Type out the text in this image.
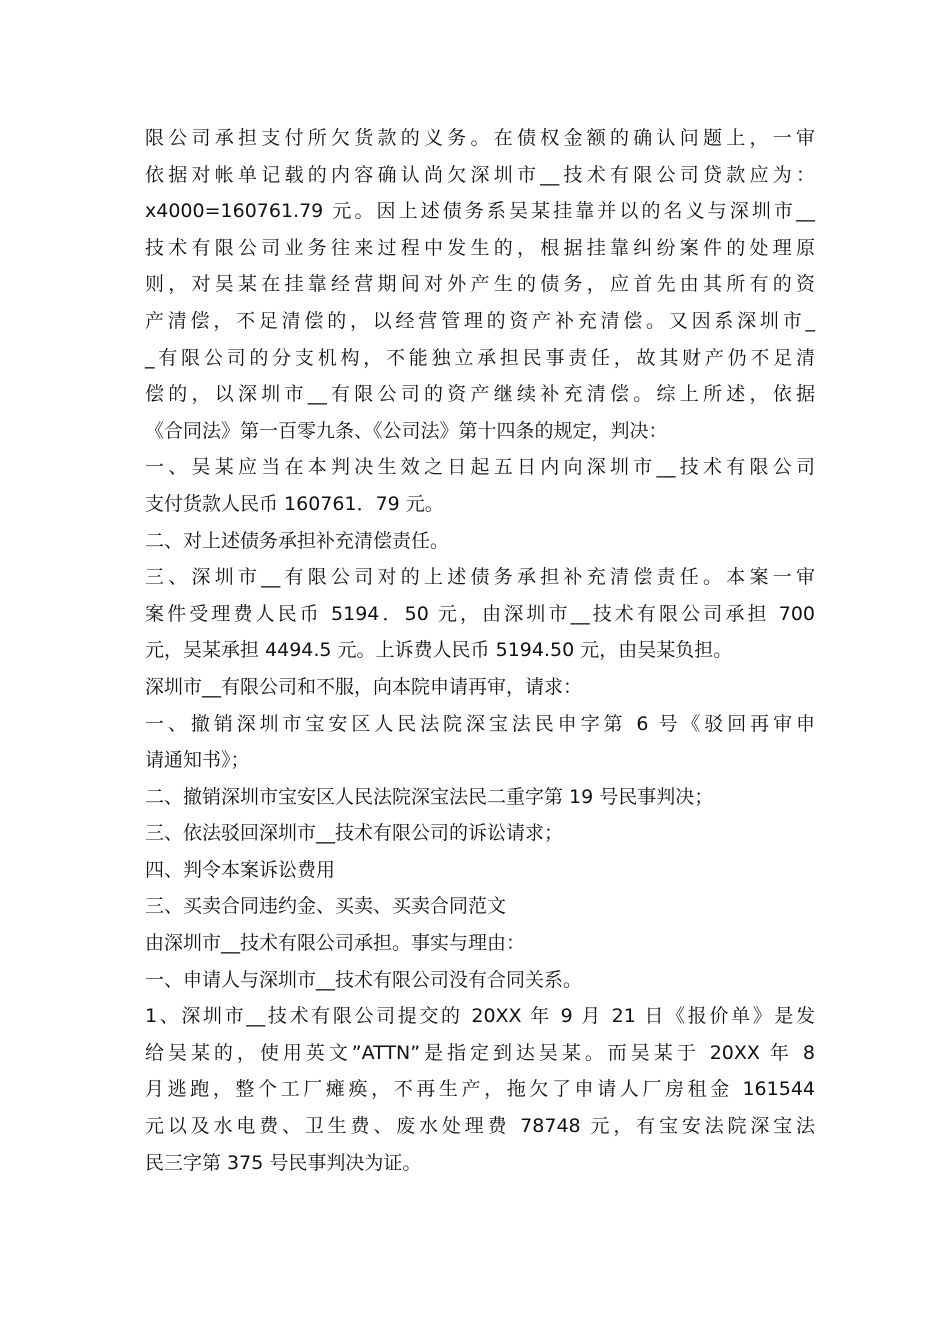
限公司承担支付所欠货款的义务。在债权金额的确认问题上，一审
依据对帐单记载的内容确认尚欠深圳市__技术有限公司贷款应为：
x4000=160761.79 元。因上述债务系吴某挂靠并以的名义与深圳市__
技术有限公司业务往来过程中发生的，根据挂靠纠纷案件的处理原
则，对吴某在挂靠经营期间对外产生的债务，应首先由其所有的资
产清偿，不足清偿的，以经营管理的资产补充清偿。又因系深圳市_
_有限公司的分支机构，不能独立承担民事责任，故其财产仍不足清
偿的，以深圳市__有限公司的资产继续补充清偿。综上所述，依据
《合同法》第一百零九条、《公司法》第十四条的规定，判决：
一、吴某应当在本判决生效之日起五日内向深圳市__技术有限公司
支付货款人民币 160761．79 元。
二、对上述债务承担补充清偿责任。
三、深圳市__有限公司对的上述债务承担补充清偿责任。本案一审
案件受理费人民币 5194．50 元，由深圳市__技术有限公司承担 700
元，吴某承担 4494.5 元。上诉费人民币 5194.50 元，由吴某负担。
深圳市__有限公司和不服，向本院申请再审，请求：
一、撤销深圳市宝安区人民法院深宝法民申字第 6 号《驳回再审申
请通知书》；
二、撤销深圳市宝安区人民法院深宝法民二重字第 19 号民事判决；
三、依法驳回深圳市__技术有限公司的诉讼请求；
四、判令本案诉讼费用
三、买卖合同违约金、买卖、买卖合同范文
由深圳市__技术有限公司承担。事实与理由：
一、申请人与深圳市__技术有限公司没有合同关系。
1、深圳市__技术有限公司提交的 20XX 年 9 月 21 日《报价单》是发
给吴某的，使用英文”ATTN”是指定到达吴某。而吴某于 20XX 年 8
月逃跑，整个工厂瘫痪，不再生产，拖欠了申请人厂房租金 161544
元以及水电费、卫生费、废水处理费 78748 元，有宝安法院深宝法
民三字第 375 号民事判决为证。
